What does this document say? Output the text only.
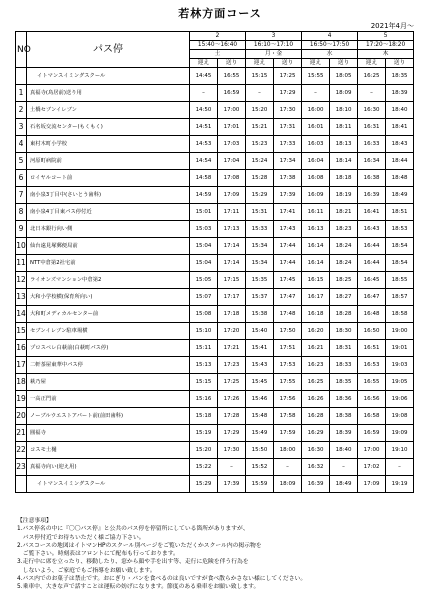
若林方面コース
2021年4月～
NO	パス停	2		3		4		5	
		15:40～16:40		16:10～17:10		16:50～17:50		17:20～18:20	
		土		月・金		水		木	
		迎え	送り	迎え	送り	迎え	送り	迎え	送り
	イトマンスイミングスクール	14:45	16:55	15:15	17:25	15:55	18:05	16:25	18:35
1	真福寺(鳥居前)送り用	–	16:59	–	17:29	–	18:09	–	18:39
2	土橋セブンイレブン	14:50	17:00	15:20	17:30	16:00	18:10	16:30	18:40
3	石名坂交流センター(もくもく)	14:51	17:01	15:21	17:31	16:01	18:11	16:31	18:41
4	東村木町小学校	14:53	17:03	15:23	17:33	16:03	18:13	16:33	18:43
5	河原町病院前	14:54	17:04	15:24	17:34	16:04	18:14	16:34	18:44
6	ロイヤルコート前	14:58	17:08	15:28	17:38	16:08	18:18	16:38	18:48
7	南小泉3丁目中(さいとう歯科)	14:59	17:09	15:29	17:39	16:09	18:19	16:39	18:49
8	南小泉4丁目東パス停付近	15:01	17:11	15:31	17:41	16:11	18:21	16:41	18:51
9	北日本銀行向い側	15:03	17:13	15:33	17:43	16:13	18:23	16:43	18:53
10	仙台遠見塚郵便局前	15:04	17:14	15:34	17:44	16:14	18:24	16:44	18:54
11	NTT中倉第2社宅前	15:04	17:14	15:34	17:44	16:14	18:24	16:44	18:54
12	ライオンズマンション中倉第2	15:05	17:15	15:35	17:45	16:15	18:25	16:45	18:55
13	大和小学校横(保育所向い)	15:07	17:17	15:37	17:47	16:17	18:27	16:47	18:57
14	大和町メディカルセンター前	15:08	17:18	15:38	17:48	16:18	18:28	16:48	18:58
15	セブンイレブン駐車場横	15:10	17:20	15:40	17:50	16:20	18:30	16:50	19:00
16	プロスペレ白萩前(白萩町パス停)	15:11	17:21	15:41	17:51	16:21	18:31	16:51	19:01
17	二軒茶屋東華中パス停	15:13	17:23	15:43	17:53	16:23	18:33	16:53	19:03
18	萩乃屋	15:15	17:25	15:45	17:55	16:25	18:35	16:55	19:05
19	一高正門前	15:16	17:26	15:46	17:56	16:26	18:36	16:56	19:06
20	ノーブルウエストアパート前(前田歯科)	15:18	17:28	15:48	17:58	16:28	18:38	16:58	19:08
21	圓福寺	15:19	17:29	15:49	17:59	16:29	18:39	16:59	19:09
22	コスモ土樋	15:20	17:30	15:50	18:00	16:30	18:40	17:00	19:10
23	真福寺向い(迎え用)	15:22	–	15:52	–	16:32	–	17:02	–
	イトマンスイミングスクール	15:29	17:39	15:59	18:09	16:39	18:49	17:09	19:19
【注意事項】
1.パス停名の中に『〇〇パス停』と公共のパス停を停留所にしている箇所がありますが、
　パス停付近でお待ちいただく様ご協力下さい。
2.パスコースの地図はイトマンHPのスクール別ページをご覧いただくかスクール内の掲示物を
　ご覧下さい。時刻表はフロントにて配布も行っております。
3.走行中に席を立ったり、移動したり、窓から顔や手を出す等、走行に危険を伴う行為を
　しないよう、ご家庭でもご指導をお願い致します。
4.パス内でのお菓子は禁止です。おにぎり・パンを食べるのは良いですが食べ散らかさない様にしてください。
5.乗車中、大きな声で話すことは運転の妨げになります。節度のある乗車をお願い致します。
